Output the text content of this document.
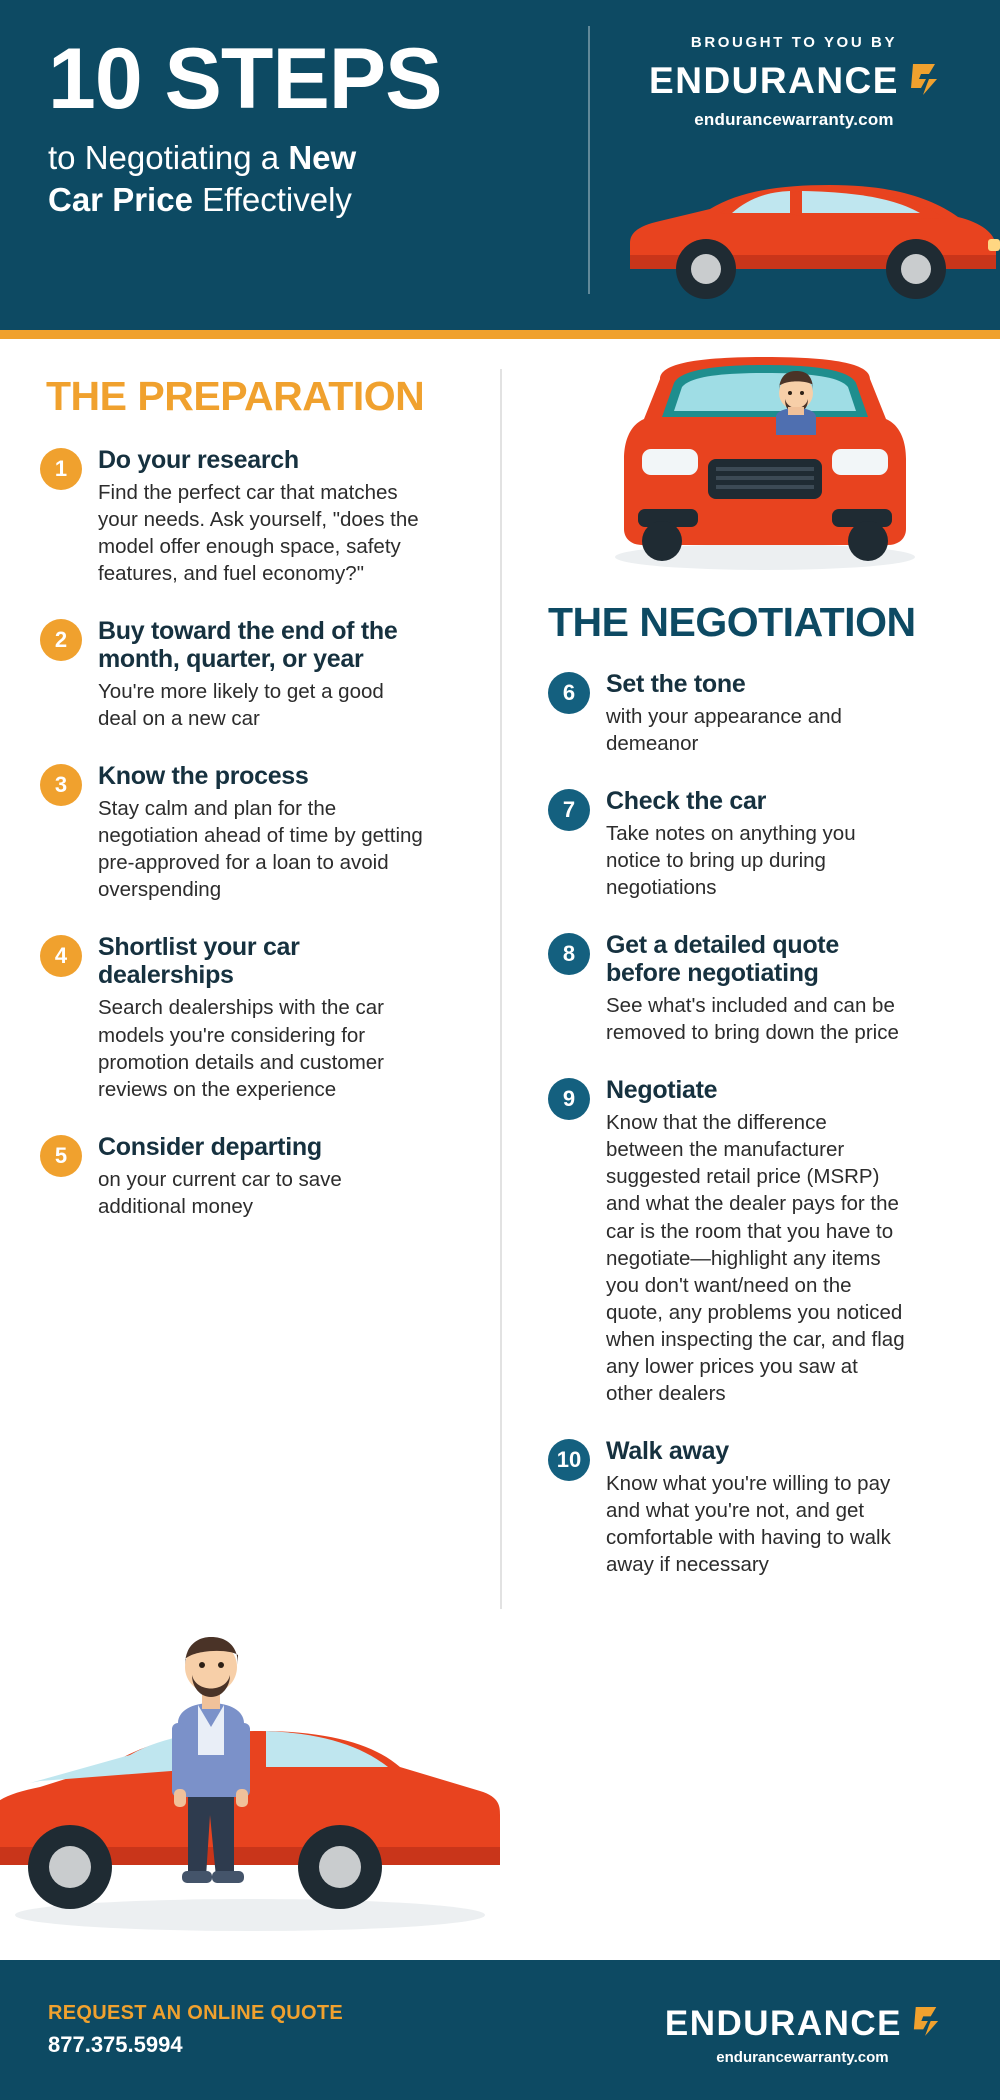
10 STEPS
to Negotiating a New
Car Price Effectively
BROUGHT TO YOU BY
ENDURANCE
endurancewarranty.com
THE PREPARATION
1	Do your research
Find the perfect car that matches your needs. Ask yourself, "does the model offer enough space, safety features, and fuel economy?"
2	Buy toward the end of the month, quarter, or year
You're more likely to get a good deal on a new car
3	Know the process
Stay calm and plan for the negotiation ahead of time by getting pre-approved for a loan to avoid overspending
4	Shortlist your car dealerships
Search dealerships with the car models you're considering for promotion details and customer reviews on the experience
5	Consider departing
on your current car to save additional money
THE NEGOTIATION
6	Set the tone
with your appearance and demeanor
7	Check the car
Take notes on anything you notice to bring up during negotiations
8	Get a detailed quote before negotiating
See what's included and can be removed to bring down the price
9	Negotiate
Know that the difference between the manufacturer suggested retail price (MSRP) and what the dealer pays for the car is the room that you have to negotiate—highlight any items you don't want/need on the quote, any problems you noticed when inspecting the car, and flag any lower prices you saw at other dealers
10 Walk away
Know what you're willing to pay and what you're not, and get comfortable with having to walk away if necessary
REQUEST AN ONLINE QUOTE
877.375.5994
ENDURANCE
endurancewarranty.com
